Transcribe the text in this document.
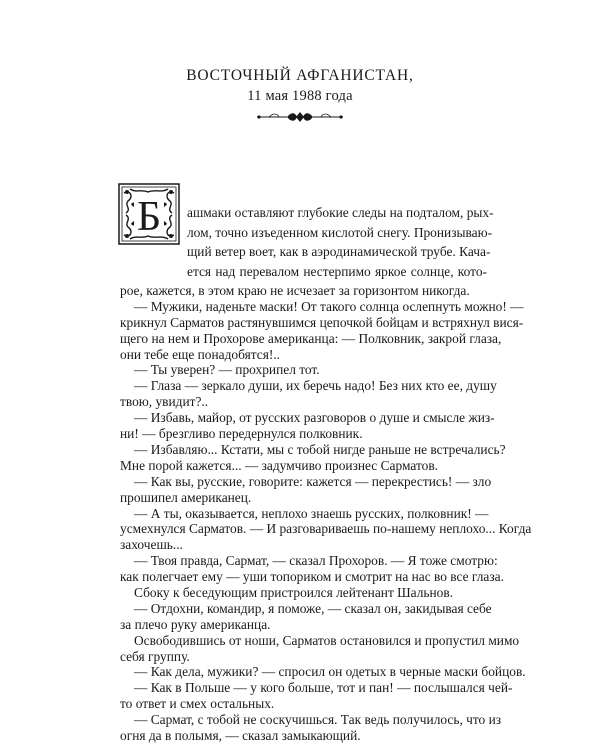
ВОСТОЧНЫЙ АФГАНИСТАН,
11 мая 1988 года
Б ашмаки оставляют глубокие следы на подталом, рых-
лом, точно изъеденном кислотой снегу. Пронизываю-
щий ветер воет, как в аэродинамической трубе. Кача-
ется над перевалом нестерпимо яркое солнце, кото-
рое, кажется, в этом краю не исчезает за горизонтом никогда.
— Мужики, наденьте маски! От такого солнца ослепнуть можно! —
крикнул Сарматов растянувшимся цепочкой бойцам и встряхнул вися-
щего на нем и Прохорове американца: — Полковник, закрой глаза,
они тебе еще понадобятся!..
— Ты уверен? — прохрипел тот.
— Глаза — зеркало души, их беречь надо! Без них кто ее, душу
твою, увидит?..
— Избавь, майор, от русских разговоров о душе и смысле жиз-
ни! — брезгливо передернулся полковник.
— Избавляю... Кстати, мы с тобой нигде раньше не встречались?
Мне порой кажется... — задумчиво произнес Сарматов.
— Как вы, русские, говорите: кажется — перекрестись! — зло
прошипел американец.
— А ты, оказывается, неплохо знаешь русских, полковник! —
усмехнулся Сарматов. — И разговариваешь по-нашему неплохо... Когда
захочешь...
— Твоя правда, Сармат, — сказал Прохоров. — Я тоже смотрю:
как полегчает ему — уши топориком и смотрит на нас во все глаза.
Сбоку к беседующим пристроился лейтенант Шальнов.
— Отдохни, командир, я поможе, — сказал он, закидывая себе
за плечо руку американца.
Освободившись от ноши, Сарматов остановился и пропустил мимо
себя группу.
— Как дела, мужики? — спросил он одетых в черные маски бойцов.
— Как в Польше — у кого больше, тот и пан! — послышался чей-
то ответ и смех остальных.
— Сармат, с тобой не соскучишься. Так ведь получилось, что из
огня да в полымя, — сказал замыкающий.
